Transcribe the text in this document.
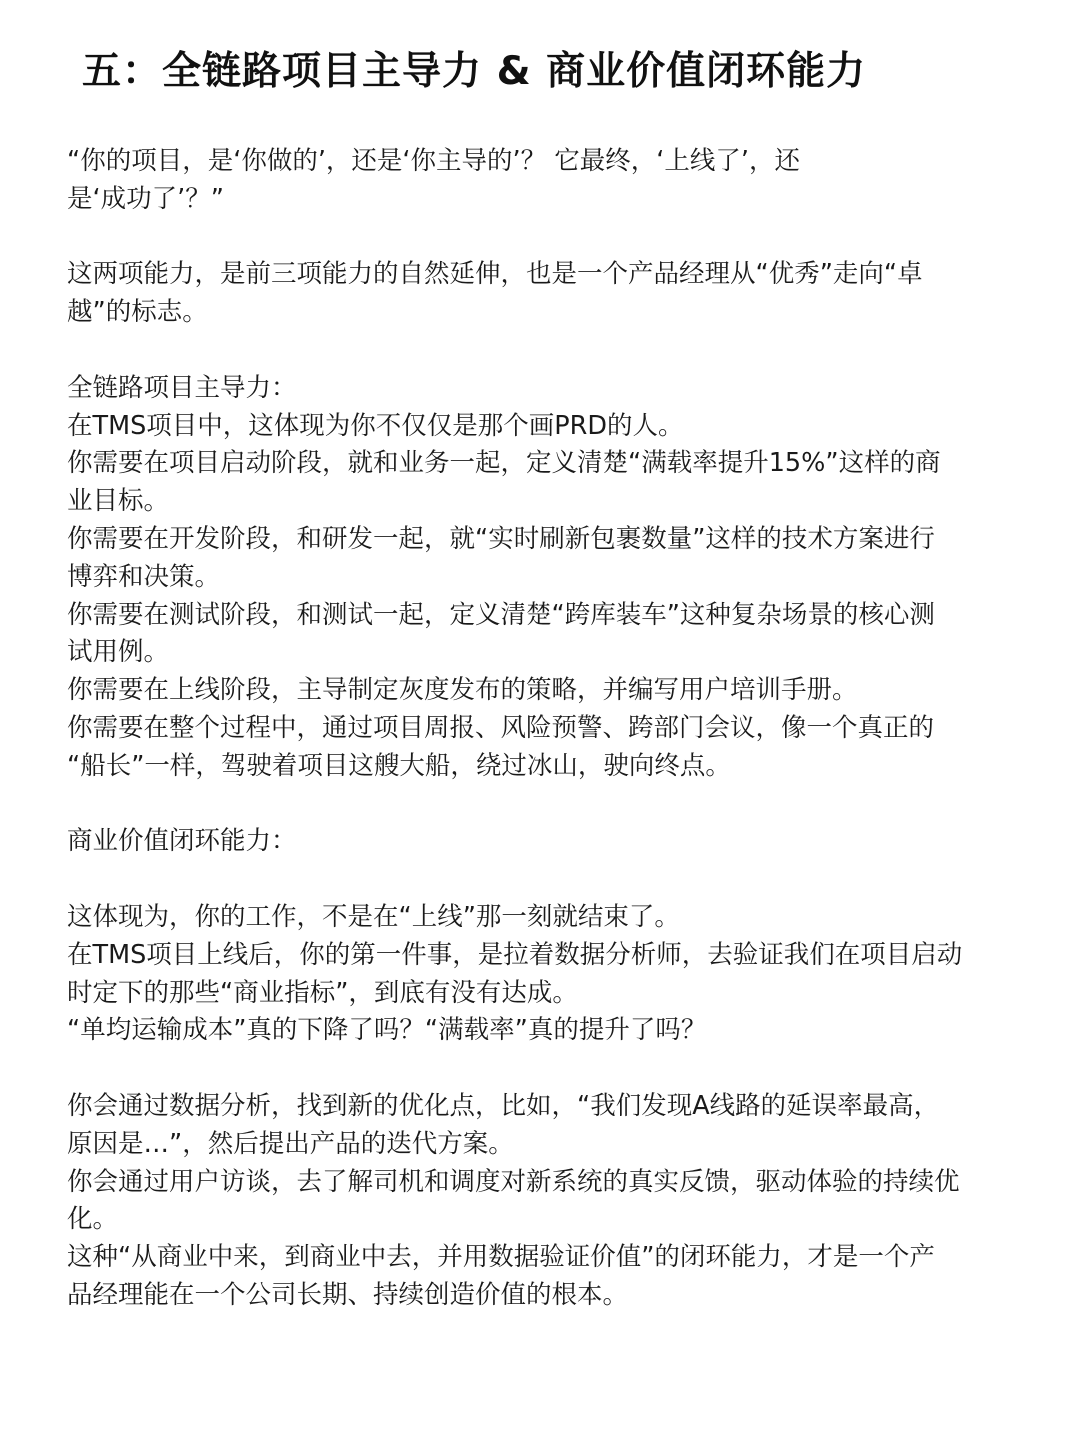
五：全链路项目主导力 & 商业价值闭环能力
“你的项目，是‘你做的’，还是‘你主导的’？ 它最终，‘上线了’，还
是‘成功了’？”
这两项能力，是前三项能力的自然延伸，也是一个产品经理从“优秀”走向“卓
越”的标志。
全链路项目主导力：
在TMS项目中，这体现为你不仅仅是那个画PRD的人。
你需要在项目启动阶段，就和业务一起，定义清楚“满载率提升15%”这样的商
业目标。
你需要在开发阶段，和研发一起，就“实时刷新包裹数量”这样的技术方案进行
博弈和决策。
你需要在测试阶段，和测试一起，定义清楚“跨库装车”这种复杂场景的核心测
试用例。
你需要在上线阶段，主导制定灰度发布的策略，并编写用户培训手册。
你需要在整个过程中，通过项目周报、风险预警、跨部门会议，像一个真正的
“船长”一样，驾驶着项目这艘大船，绕过冰山，驶向终点。
商业价值闭环能力：
这体现为，你的工作，不是在“上线”那一刻就结束了。
在TMS项目上线后，你的第一件事，是拉着数据分析师，去验证我们在项目启动
时定下的那些“商业指标”，到底有没有达成。
“单均运输成本”真的下降了吗？“满载率”真的提升了吗？
你会通过数据分析，找到新的优化点，比如，“我们发现A线路的延误率最高，
原因是…”，然后提出产品的迭代方案。
你会通过用户访谈，去了解司机和调度对新系统的真实反馈，驱动体验的持续优
化。
这种“从商业中来，到商业中去，并用数据验证价值”的闭环能力，才是一个产
品经理能在一个公司长期、持续创造价值的根本。
